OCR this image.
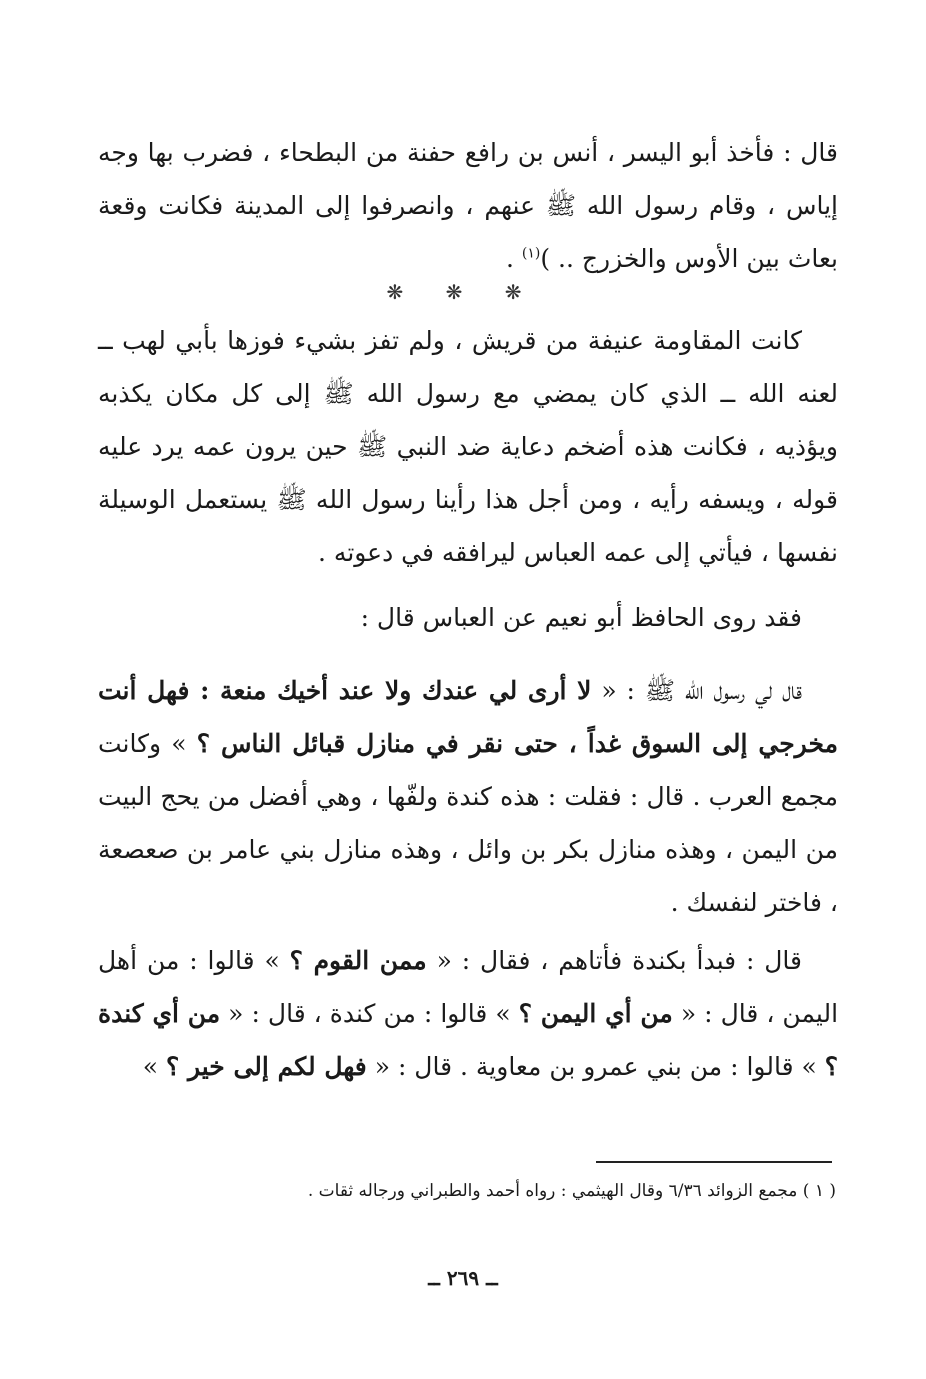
قال : فأخذ أبو اليسر ، أنس بن رافع حفنة من البطحاء ، فضرب بها وجه إياس ، وقام رسول الله ﷺ عنهم ، وانصرفوا إلى المدينة فكانت وقعة بعاث بين الأوس والخزرج .. )$^{(١)}$ .

❋ ❋ ❋

كانت المقاومة عنيفة من قريش ، ولم تفز بشيء فوزها بأبي لهب ــ لعنه الله ــ الذي كان يمضي مع رسول الله ﷺ إلى كل مكان يكذبه ويؤذيه ، فكانت هذه أضخم دعاية ضد النبي ﷺ حين يرون عمه يرد عليه قوله ، ويسفه رأيه ، ومن أجل هذا رأينا رسول الله ﷺ يستعمل الوسيلة نفسها ، فيأتي إلى عمه العباس ليرافقه في دعوته .

فقد روى الحافظ أبو نعيم عن العباس قال :

قال لي رسول الله ﷺ : « لا أرى لي عندك ولا عند أخيك منعة : فهل أنت مخرجي إلى السوق غداً ، حتى نقر في منازل قبائل الناس ؟ » وكانت مجمع العرب . قال : فقلت : هذه كندة ولفّها ، وهي أفضل من يحج البيت من اليمن ، وهذه منازل بكر بن وائل ، وهذه منازل بني عامر بن صعصعة ، فاختر لنفسك .

قال : فبدأ بكندة فأتاهم ، فقال : « ممن القوم ؟ » قالوا : من أهل اليمن ، قال : « من أي اليمن ؟ » قالوا : من كندة ، قال : « من أي كندة ؟ » قالوا : من بني عمرو بن معاوية . قال : « فهل لكم إلى خير ؟ »

( ١ ) مجمع الزوائد ٦/٣٦ وقال الهيثمي : رواه أحمد والطبراني ورجاله ثقات .
ــ ٢٦٩ ــ
